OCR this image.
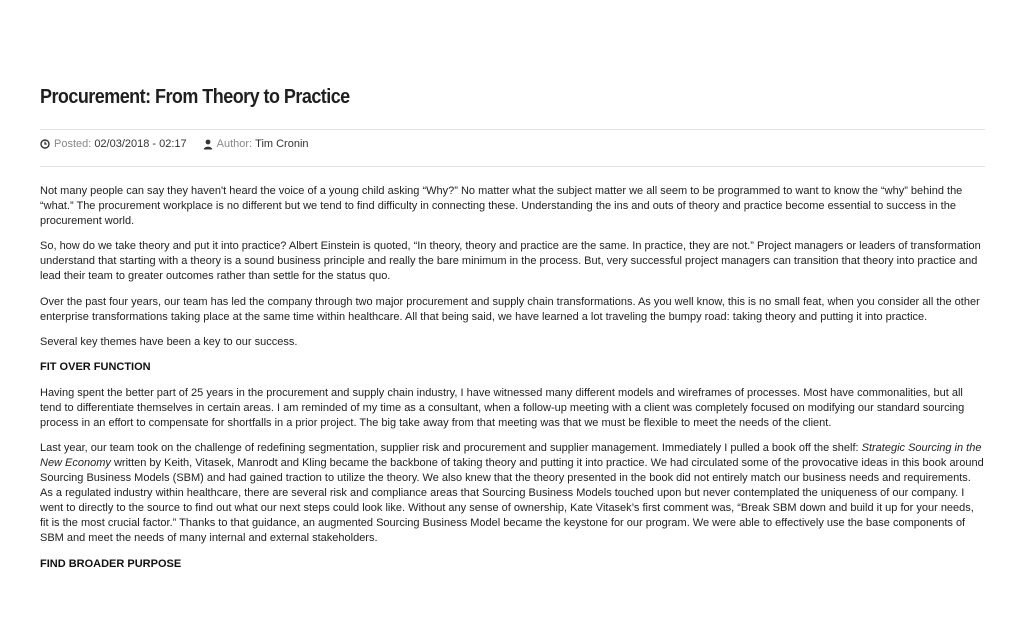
Procurement: From Theory to Practice
Posted: 02/03/2018 - 02:17	Author: Tim Cronin

Not many people can say they haven't heard the voice of a young child asking “Why?” No matter what the subject matter we all seem to be programmed to want to know the “why” behind the “what.” The procurement workplace is no different but we tend to find difficulty in connecting these. Understanding the ins and outs of theory and practice become essential to success in the procurement world.

So, how do we take theory and put it into practice? Albert Einstein is quoted, “In theory, theory and practice are the same. In practice, they are not.” Project managers or leaders of transformation understand that starting with a theory is a sound business principle and really the bare minimum in the process. But, very successful project managers can transition that theory into practice and lead their team to greater outcomes rather than settle for the status quo.

Over the past four years, our team has led the company through two major procurement and supply chain transformations. As you well know, this is no small feat, when you consider all the other enterprise transformations taking place at the same time within healthcare. All that being said, we have learned a lot traveling the bumpy road: taking theory and putting it into practice.

Several key themes have been a key to our success.

FIT OVER FUNCTION

Having spent the better part of 25 years in the procurement and supply chain industry, I have witnessed many different models and wireframes of processes. Most have commonalities, but all tend to differentiate themselves in certain areas. I am reminded of my time as a consultant, when a follow-up meeting with a client was completely focused on modifying our standard sourcing process in an effort to compensate for shortfalls in a prior project. The big take away from that meeting was that we must be flexible to meet the needs of the client.

Last year, our team took on the challenge of redefining segmentation, supplier risk and procurement and supplier management. Immediately I pulled a book off the shelf: Strategic Sourcing in the New Economy written by Keith, Vitasek, Manrodt and Kling became the backbone of taking theory and putting it into practice. We had circulated some of the provocative ideas in this book around Sourcing Business Models (SBM) and had gained traction to utilize the theory. We also knew that the theory presented in the book did not entirely match our business needs and requirements. As a regulated industry within healthcare, there are several risk and compliance areas that Sourcing Business Models touched upon but never contemplated the uniqueness of our company. I went to directly to the source to find out what our next steps could look like. Without any sense of ownership, Kate Vitasek’s first comment was, “Break SBM down and build it up for your needs, fit is the most crucial factor.” Thanks to that guidance, an augmented Sourcing Business Model became the keystone for our program. We were able to effectively use the base components of SBM and meet the needs of many internal and external stakeholders.

FIND BROADER PURPOSE
